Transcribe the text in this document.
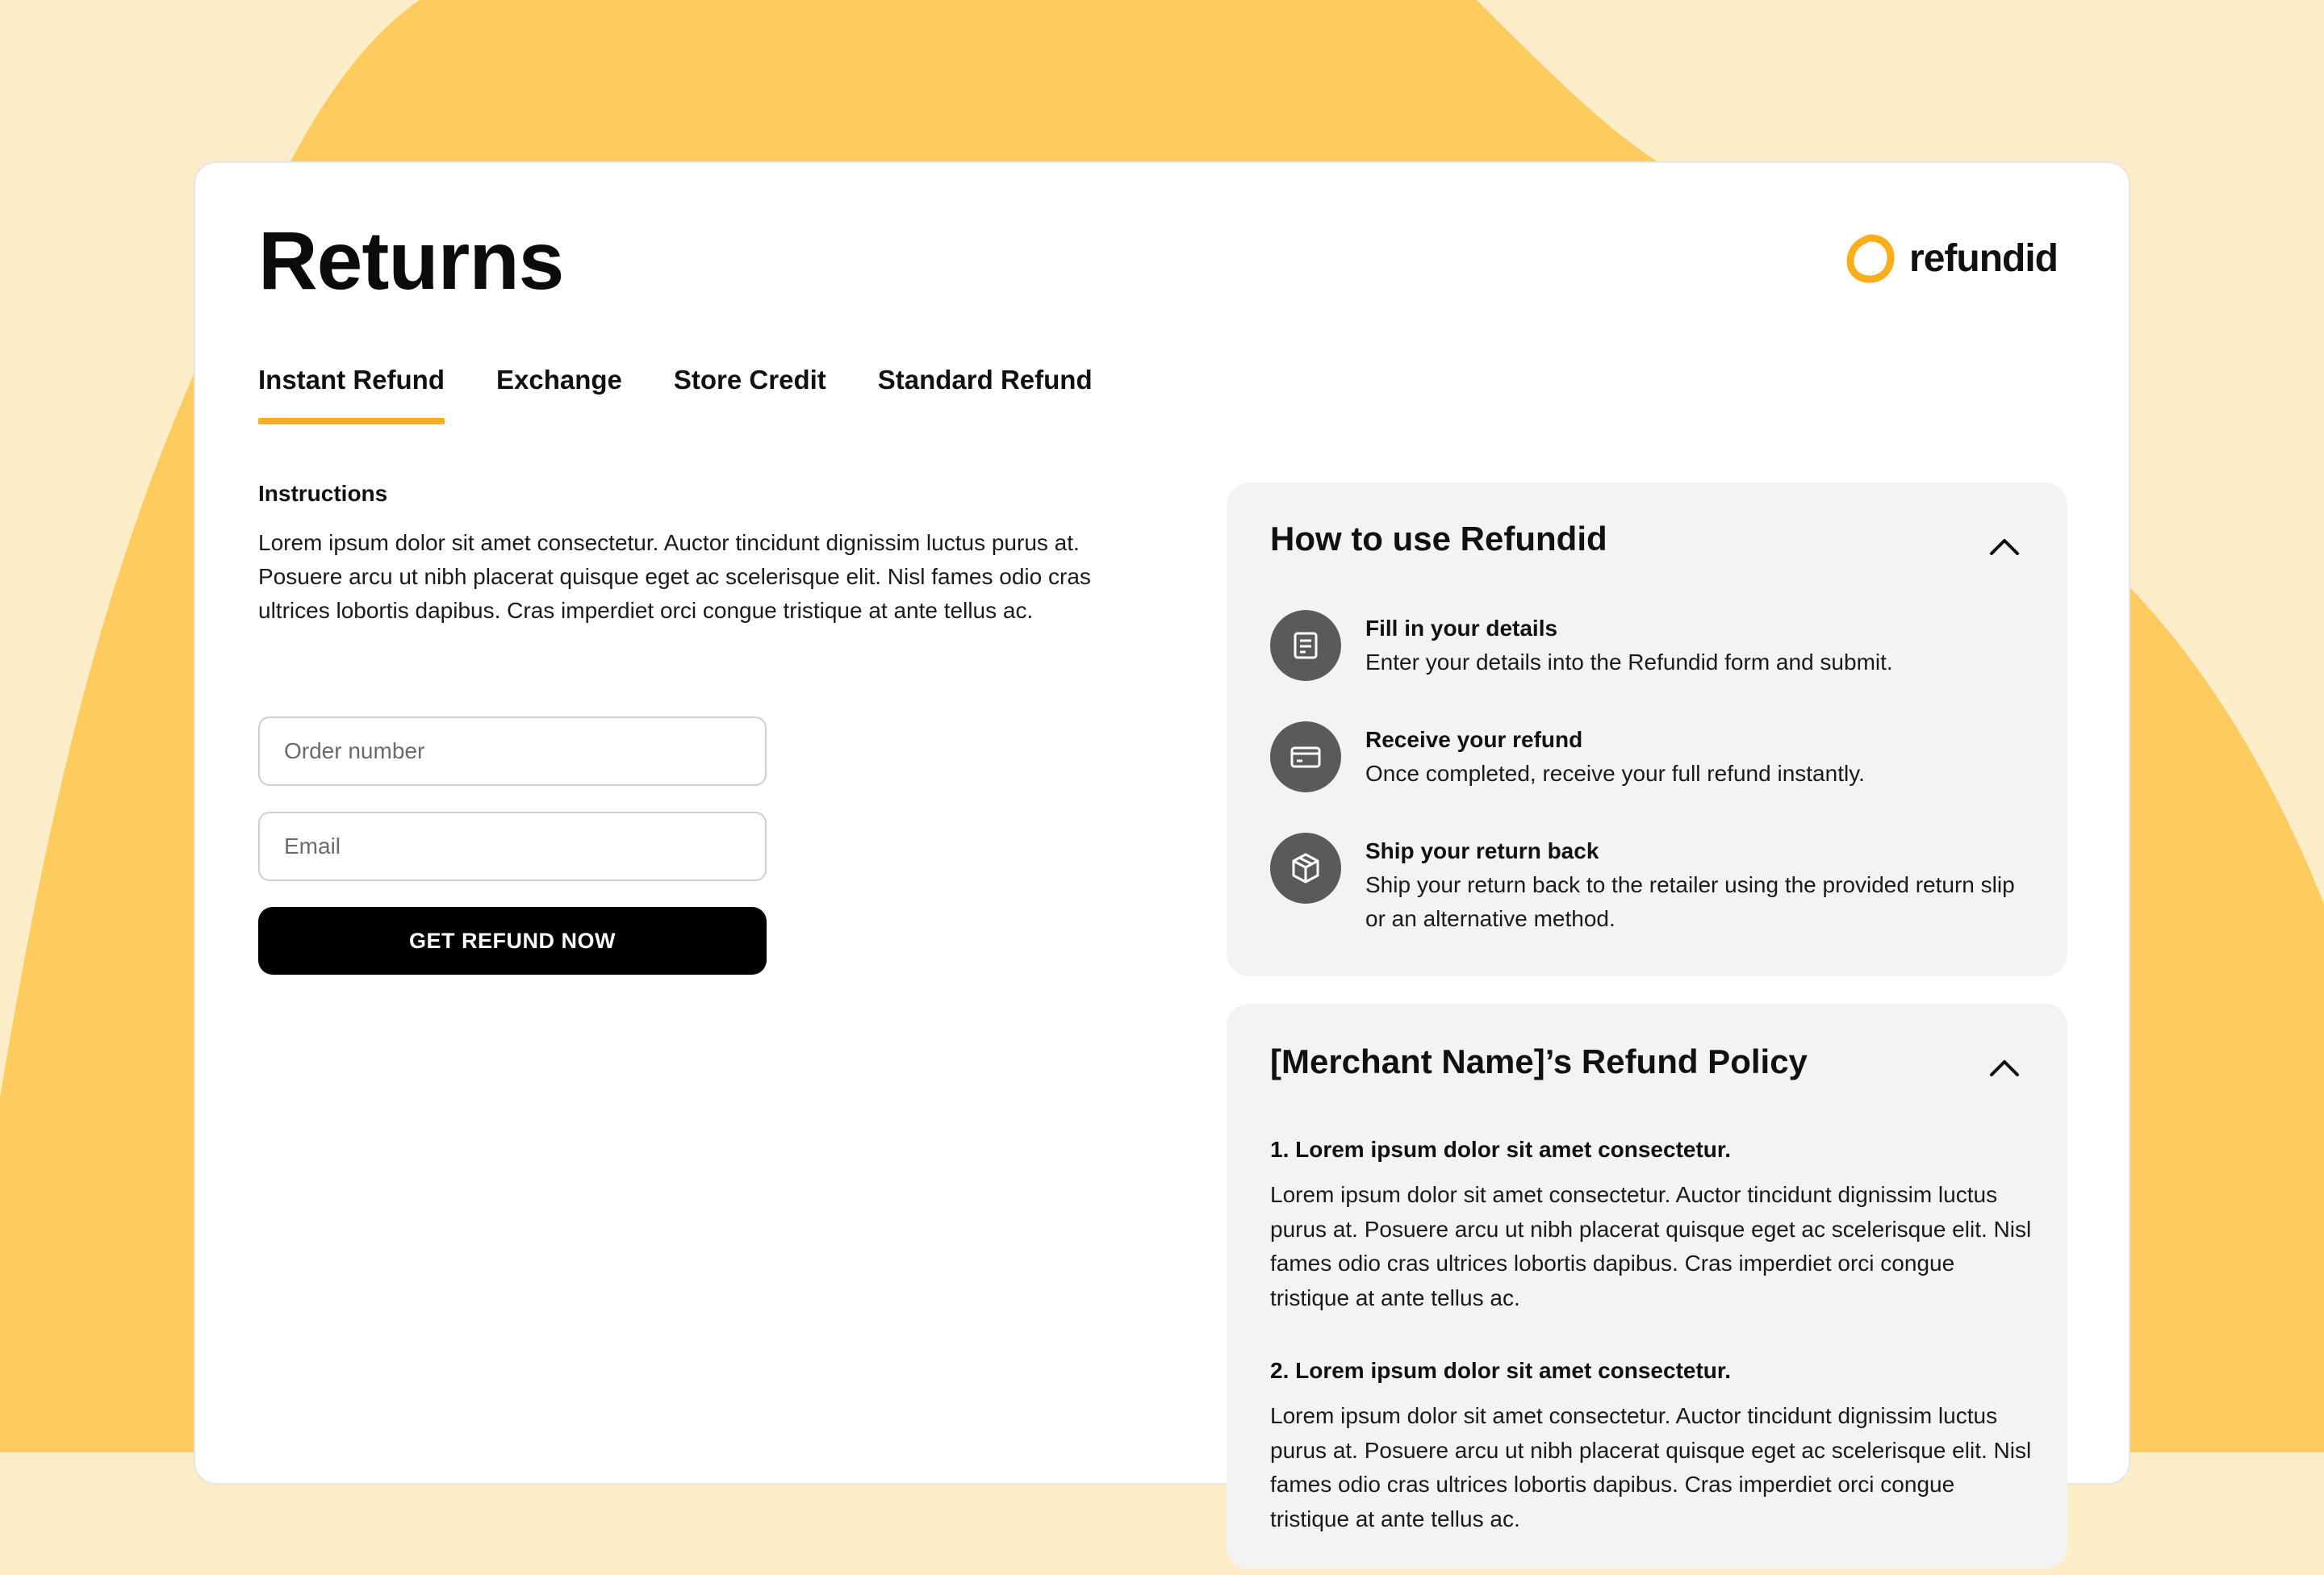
Returns	refundid
Instant Refund Exchange Store Credit Standard Refund
Instructions

Lorem ipsum dolor sit amet consectetur. Auctor tincidunt dignissim luctus purus at. Posuere arcu ut nibh placerat quisque eget ac scelerisque elit. Nisl fames odio cras ultrices lobortis dapibus. Cras imperdiet orci congue tristique at ante tellus ac.

Order number
Email
GET REFUND NOW
How to use Refundid
Fill in your details
Enter your details into the Refundid form and submit.
Receive your refund
Once completed, receive your full refund instantly.
Ship your return back
Ship your return back to the retailer using the provided return slip or an alternative method.
[Merchant Name]’s Refund Policy

1. Lorem ipsum dolor sit amet consectetur.

Lorem ipsum dolor sit amet consectetur. Auctor tincidunt dignissim luctus purus at. Posuere arcu ut nibh placerat quisque eget ac scelerisque elit. Nisl fames odio cras ultrices lobortis dapibus. Cras imperdiet orci congue tristique at ante tellus ac.

2. Lorem ipsum dolor sit amet consectetur.

Lorem ipsum dolor sit amet consectetur. Auctor tincidunt dignissim luctus purus at. Posuere arcu ut nibh placerat quisque eget ac scelerisque elit. Nisl fames odio cras ultrices lobortis dapibus. Cras imperdiet orci congue tristique at ante tellus ac.
